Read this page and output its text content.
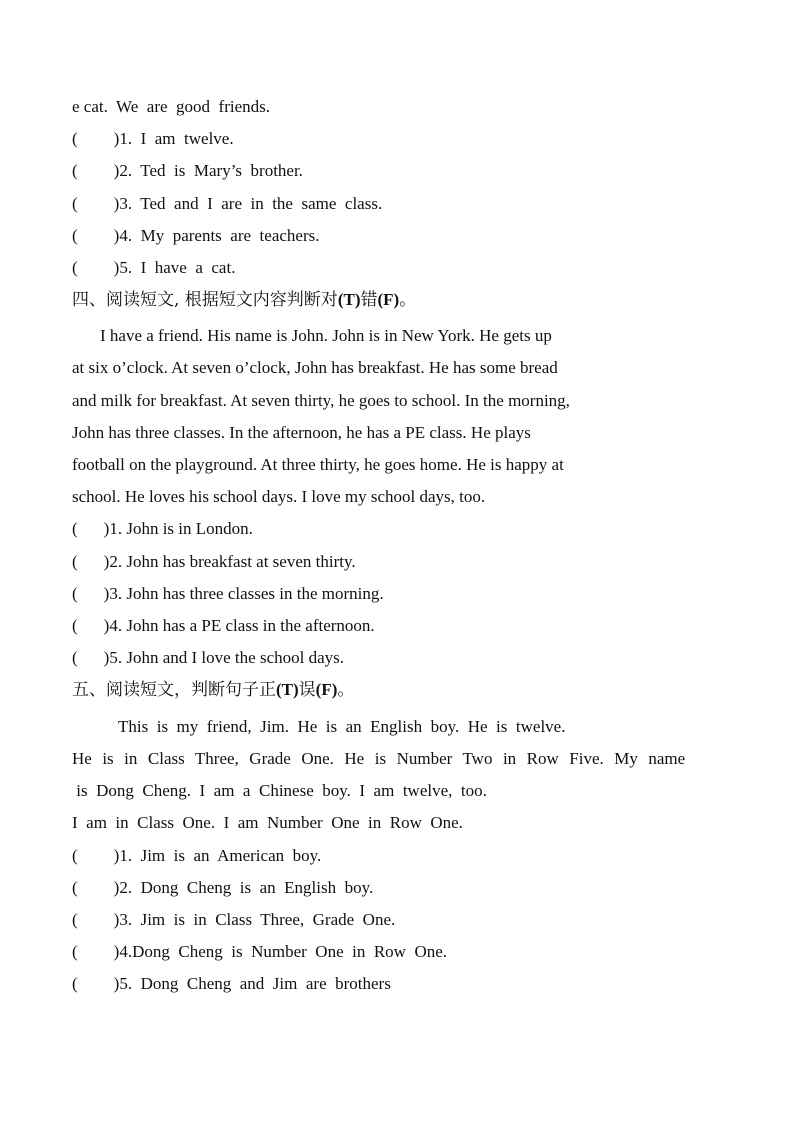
e cat.  We  are  good  friends.
( )1.  I  am  twelve.
( )2.  Ted  is  Mary’s  brother.
( )3.  Ted  and  I  are  in  the  same  class.
( )4.  My  parents  are  teachers.
( )5.  I  have  a  cat.
四、阅读短文, 根据短文内容判断对(T)错(F)。
I have a friend. His name is John. John is in New York. He gets up
at six o’clock. At seven o’clock, John has breakfast. He has some bread
and milk for breakfast. At seven thirty, he goes to school. In the morning,
John has three classes. In the afternoon, he has a PE class. He plays
football on the playground. At three thirty, he goes home. He is happy at
school. He loves his school days. I love my school days, too.
( )1. John is in London.
( )2. John has breakfast at seven thirty.
( )3. John has three classes in the morning.
( )4. John has a PE class in the afternoon.
( )5. John and I love the school days.
五、阅读短文，判断句子正(T)误(F)。
This  is  my  friend,  Jim.  He  is  an  English  boy.  He  is  twelve.
He  is  in  Class  Three,  Grade  One.  He  is  Number  Two  in  Row  Five.  My  name
is  Dong  Cheng.  I  am  a  Chinese  boy.  I  am  twelve,  too.
I  am  in  Class  One.  I  am  Number  One  in  Row  One.
( )1.  Jim  is  an  American  boy.
( )2.  Dong  Cheng  is  an  English  boy.
( )3.  Jim  is  in  Class  Three,  Grade  One.
( )4.Dong  Cheng  is  Number  One  in  Row  One.
( )5.  Dong  Cheng  and  Jim  are  brothers
